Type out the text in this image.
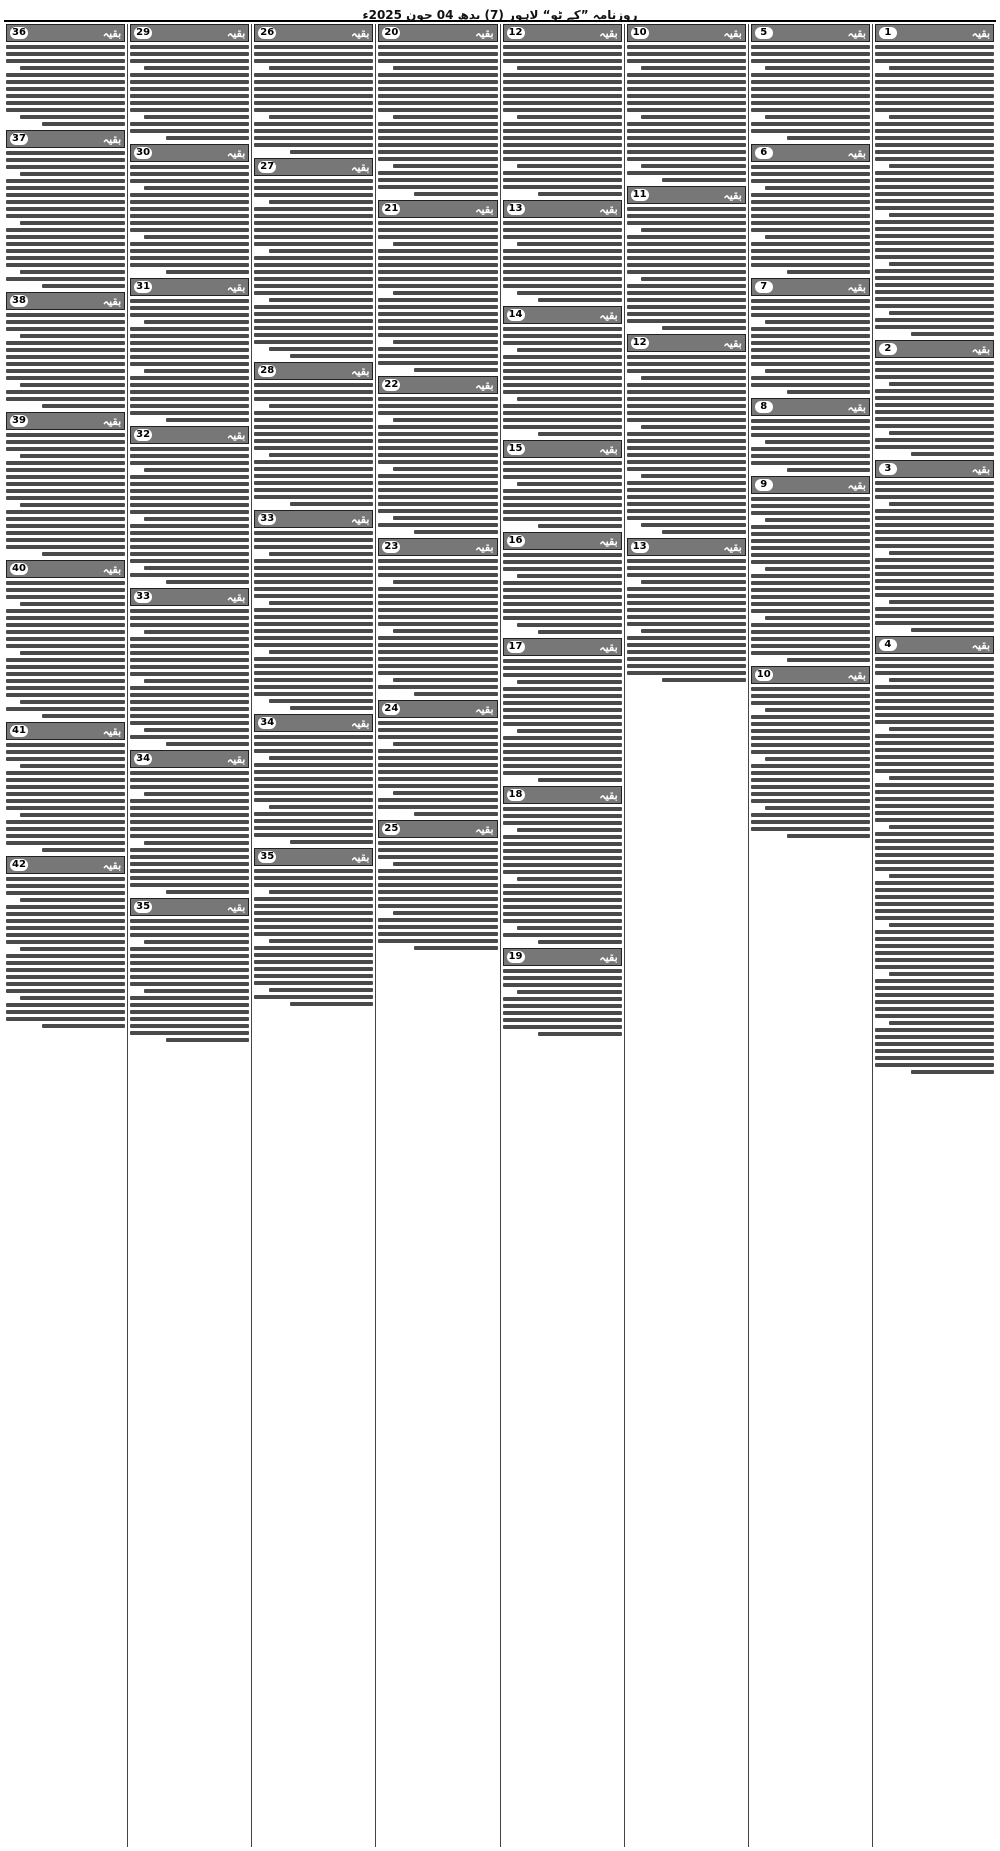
روزنامہ ”کے ٹو“ لاہور (7) بدھ 04 جون 2025ء
بقیہ
1
بقیہ
2
بقیہ
3
بقیہ
4
بقیہ
5
بقیہ
6
بقیہ
7
بقیہ
8
بقیہ
9
بقیہ
10
بقیہ
10
بقیہ
11
بقیہ
12
بقیہ
13
بقیہ
12
بقیہ
13
بقیہ
14
بقیہ
15
بقیہ
16
بقیہ
17
بقیہ
18
بقیہ
19
بقیہ
20
بقیہ
21
بقیہ
22
بقیہ
23
بقیہ
24
بقیہ
25
بقیہ
26
بقیہ
27
بقیہ
28
بقیہ
33
بقیہ
34
بقیہ
35
بقیہ
29
بقیہ
30
بقیہ
31
بقیہ
32
بقیہ
33
بقیہ
34
بقیہ
35
بقیہ
36
بقیہ
37
بقیہ
38
بقیہ
39
بقیہ
40
بقیہ
41
بقیہ
42
